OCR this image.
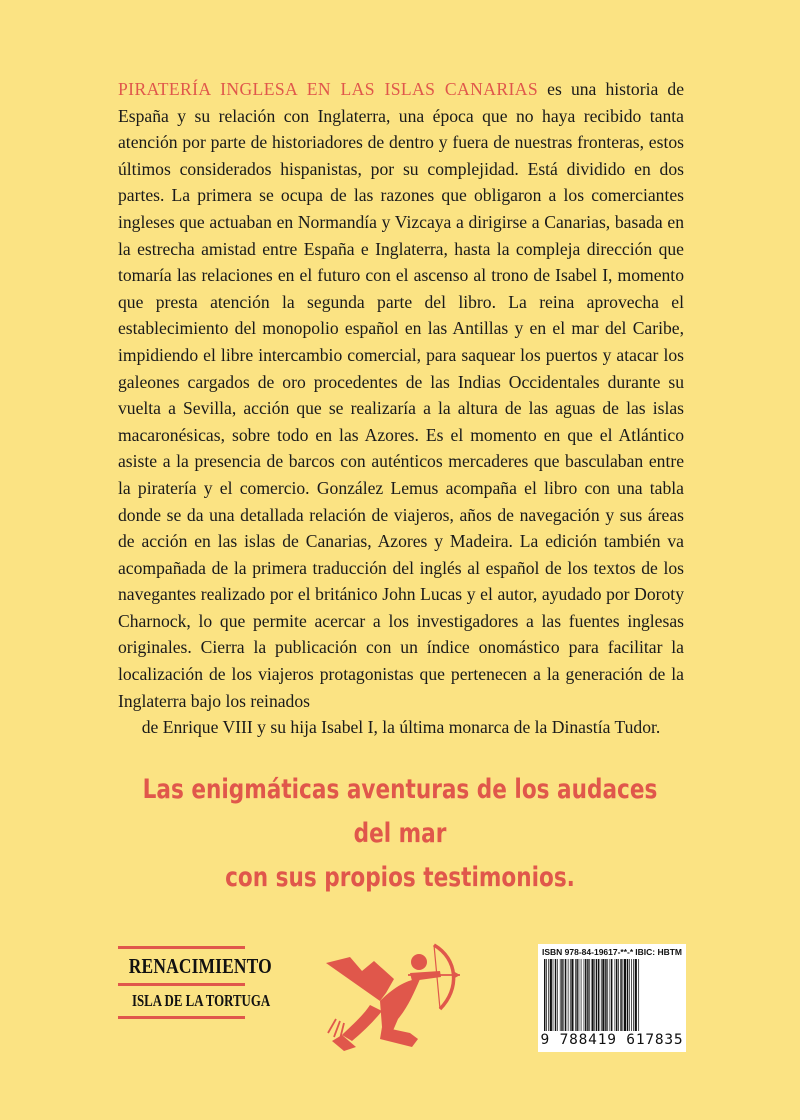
PIRATERÍA INGLESA EN LAS ISLAS CANARIAS es una historia de España y su relación con Inglaterra, una época que no haya recibido tanta atención por parte de historiadores de dentro y fuera de nuestras fronteras, estos últimos considerados hispanistas, por su complejidad. Está dividido en dos partes. La primera se ocupa de las razones que obligaron a los comerciantes ingleses que actuaban en Normandía y Vizcaya a dirigirse a Canarias, basada en la estrecha amistad entre España e Inglaterra, hasta la compleja dirección que tomaría las relaciones en el futuro con el ascenso al trono de Isabel I, momento que presta atención la segunda parte del libro. La reina aprovecha el establecimiento del monopolio español en las Antillas y en el mar del Caribe, impidiendo el libre intercambio comercial, para saquear los puertos y atacar los galeones cargados de oro procedentes de las Indias Occidentales durante su vuelta a Sevilla, acción que se realizaría a la altura de las aguas de las islas macaronésicas, sobre todo en las Azores. Es el momento en que el Atlántico asiste a la presencia de barcos con auténticos mercaderes que basculaban entre la piratería y el comercio. González Lemus acompaña el libro con una tabla donde se da una detallada relación de viajeros, años de navegación y sus áreas de acción en las islas de Canarias, Azores y Madeira. La edición también va acompañada de la primera traducción del inglés al español de los textos de los navegantes realizado por el británico John Lucas y el autor, ayudado por Doroty Charnock, lo que permite acercar a los investigadores a las fuentes inglesas originales. Cierra la publicación con un índice onomástico para facilitar la localización de los viajeros protagonistas que pertenecen a la generación de la Inglaterra bajo los reinados
de Enrique VIII y su hija Isabel I, la última monarca de la Dinastía Tudor.
Las enigmáticas aventuras de los audaces del mar
con sus propios testimonios.
RENACIMIENTO
ISLA DE LA TORTUGA
ISBN 978-84-19617-**-* IBIC: HBTM
9 788419 617835
